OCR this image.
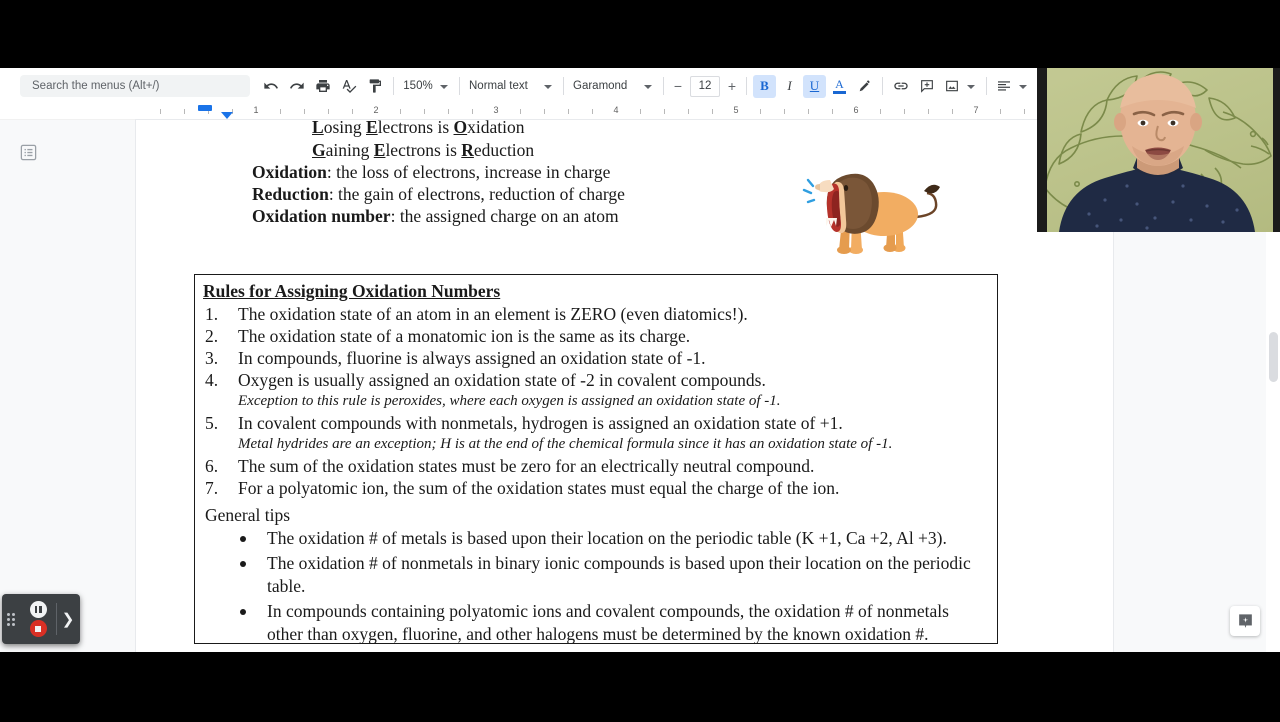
Search the menus (Alt+/)	150%	Normal text	Garamond	−	12	+	B	I	U	A
1	2	3	4	5	6	7
Losing Electrons is Oxidation
Gaining Electrons is Reduction
Oxidation: the loss of electrons, increase in charge
Reduction: the gain of electrons, reduction of charge
Oxidation number: the assigned charge on an atom
Rules for Assigning Oxidation Numbers
1. The oxidation state of an atom in an element is ZERO (even diatomics!).
2. The oxidation state of a monatomic ion is the same as its charge.
3. In compounds, fluorine is always assigned an oxidation state of -1.
4. Oxygen is usually assigned an oxidation state of -2 in covalent compounds.
Exception to this rule is peroxides, where each oxygen is assigned an oxidation state of -1.
5. In covalent compounds with nonmetals, hydrogen is assigned an oxidation state of +1.
Metal hydrides are an exception; H is at the end of the chemical formula since it has an oxidation state of -1.
6. The sum of the oxidation states must be zero for an electrically neutral compound.
7. For a polyatomic ion, the sum of the oxidation states must equal the charge of the ion.
General tips
The oxidation # of metals is based upon their location on the periodic table (K +1, Ca +2, Al +3).
The oxidation # of nonmetals in binary ionic compounds is based upon their location on the periodic table.
In compounds containing polyatomic ions and covalent compounds, the oxidation # of nonmetals other than oxygen, fluorine, and other halogens must be determined by the known oxidation #.

❯
